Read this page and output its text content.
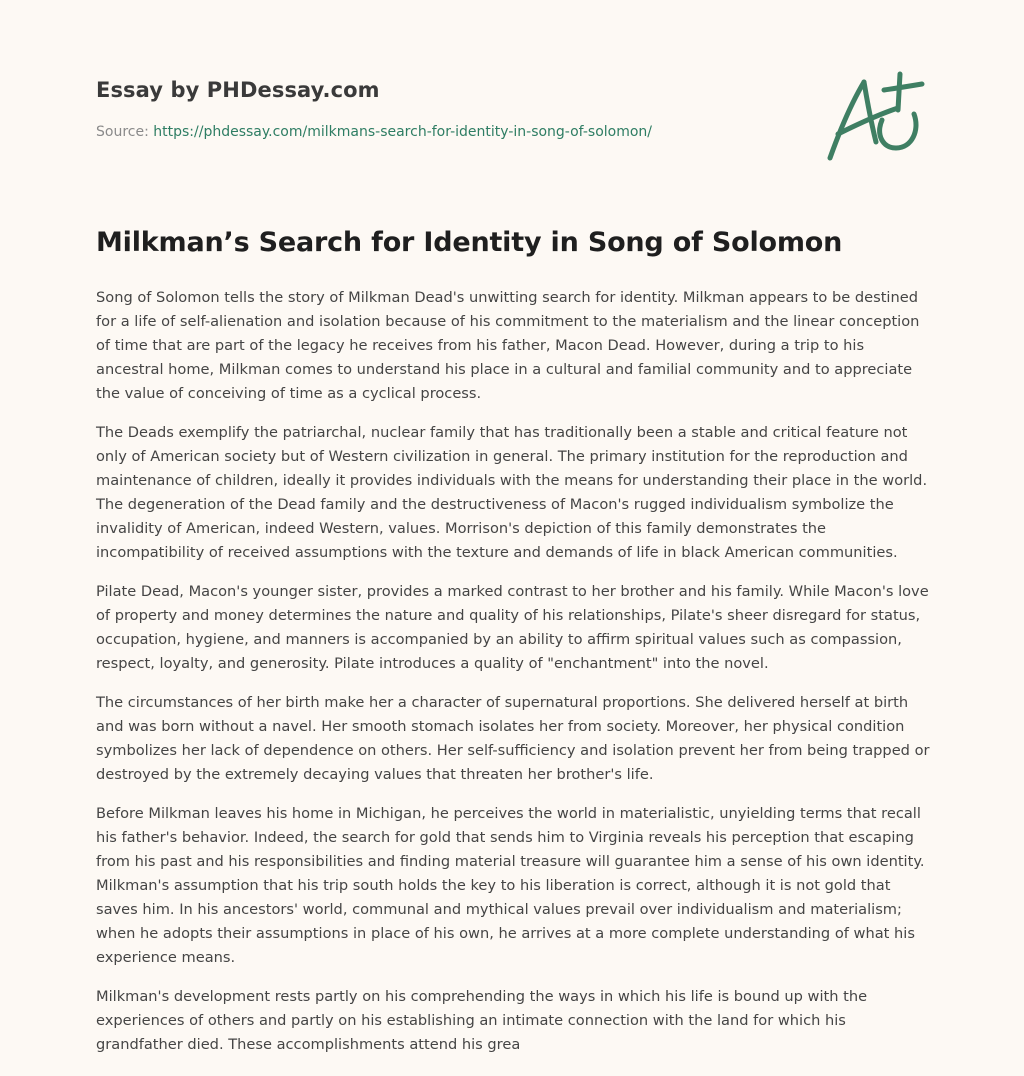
Essay by PHDessay.com
Source: https://phdessay.com/milkmans-search-for-identity-in-song-of-solomon/
Milkman’s Search for Identity in Song of Solomon

Song of Solomon tells the story of Milkman Dead's unwitting search for identity. Milkman appears to be destined for a life of self-alienation and isolation because of his commitment to the materialism and the linear conception of time that are part of the legacy he receives from his father, Macon Dead. However, during a trip to his ancestral home, Milkman comes to understand his place in a cultural and familial community and to appreciate the value of conceiving of time as a cyclical process.

The Deads exemplify the patriarchal, nuclear family that has traditionally been a stable and critical feature not only of American society but of Western civilization in general. The primary institution for the reproduction and maintenance of children, ideally it provides individuals with the means for understanding their place in the world. The degeneration of the Dead family and the destructiveness of Macon's rugged individualism symbolize the invalidity of American, indeed Western, values. Morrison's depiction of this family demonstrates the incompatibility of received assumptions with the texture and demands of life in black American communities.

Pilate Dead, Macon's younger sister, provides a marked contrast to her brother and his family. While Macon's love of property and money determines the nature and quality of his relationships, Pilate's sheer disregard for status, occupation, hygiene, and manners is accompanied by an ability to affirm spiritual values such as compassion, respect, loyalty, and generosity. Pilate introduces a quality of "enchantment" into the novel.

The circumstances of her birth make her a character of supernatural proportions. She delivered herself at birth and was born without a navel. Her smooth stomach isolates her from society. Moreover, her physical condition symbolizes her lack of dependence on others. Her self-sufficiency and isolation prevent her from being trapped or destroyed by the extremely decaying values that threaten her brother's life.

Before Milkman leaves his home in Michigan, he perceives the world in materialistic, unyielding terms that recall his father's behavior. Indeed, the search for gold that sends him to Virginia reveals his perception that escaping from his past and his responsibilities and finding material treasure will guarantee him a sense of his own identity. Milkman's assumption that his trip south holds the key to his liberation is correct, although it is not gold that saves him. In his ancestors' world, communal and mythical values prevail over individualism and materialism; when he adopts their assumptions in place of his own, he arrives at a more complete understanding of what his experience means.

Milkman's development rests partly on his comprehending the ways in which his life is bound up with the experiences of others and partly on his establishing an intimate connection with the land for which his grandfather died. These accomplishments attend his grea
